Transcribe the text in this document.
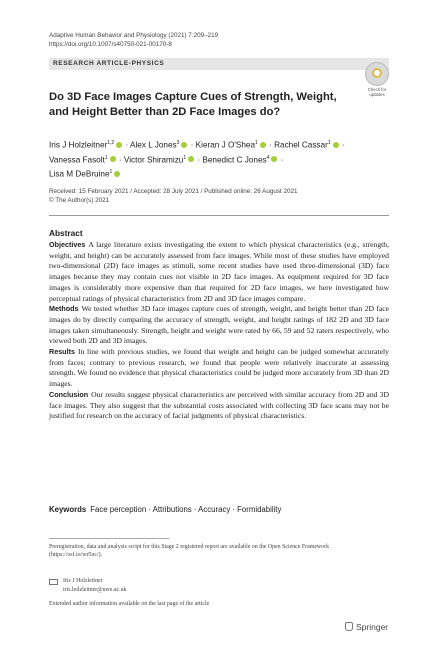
Adaptive Human Behavior and Physiology (2021) 7:209–219
https://doi.org/10.1007/s40750-021-00170-8
RESEARCH ARTICLE-PHYSICS
Check for
updates
Do 3D Face Images Capture Cues of Strength, Weight, and Height Better than 2D Face Images do?
Iris J Holzleitner$^{1,2}$ · Alex L Jones$^3$ · Kieran J O'Shea$^1$ · Rachel Cassar$^1$ ·
Vanessa Fasolt$^1$ · Victor Shiramizu$^1$ · Benedict C Jones$^4$ ·
Lisa M DeBruine$^1$
Received: 15 February 2021 / Accepted: 28 July 2021 / Published online: 26 August 2021
© The Author(s) 2021
Abstract

Objectives A large literature exists investigating the extent to which physical characteristics (e.g., strength, weight, and height) can be accurately assessed from face images. While most of these studies have employed two-dimensional (2D) face images as stimuli, some recent studies have used three-dimensional (3D) face images because they may contain cues not visible in 2D face images. As equipment required for 3D face images is considerably more expensive than that required for 2D face images, we here investigated how perceptual ratings of physical characteristics from 2D and 3D face images compare.

Methods We tested whether 3D face images capture cues of strength, weight, and height better than 2D face images do by directly comparing the accuracy of strength, weight, and height ratings of 182 2D and 3D face images taken simultaneously. Strength, height and weight were rated by 66, 59 and 52 raters respectively, who viewed both 2D and 3D images.

Results In line with previous studies, we found that weight and height can be judged somewhat accurately from faces; contrary to previous research, we found that people were relatively inaccurate at assessing strength. We found no evidence that physical characteristics could be judged more accurately from 3D than 2D images.

Conclusion Our results suggest physical characteristics are perceived with similar accuracy from 2D and 3D face images. They also suggest that the substantial costs associated with collecting 3D face scans may not be justified for research on the accuracy of facial judgments of physical characteristics.

Keywords Face perception · Attributions · Accuracy · Formidability
Preregistration, data and analysis script for this Stage 2 registered report are available on the Open Science Framework (https://osf.io/wr5uc/).
Iris J Holzleitner
iris.holzleitner@uwe.ac.uk
Extended author information available on the last page of the article
Springer
